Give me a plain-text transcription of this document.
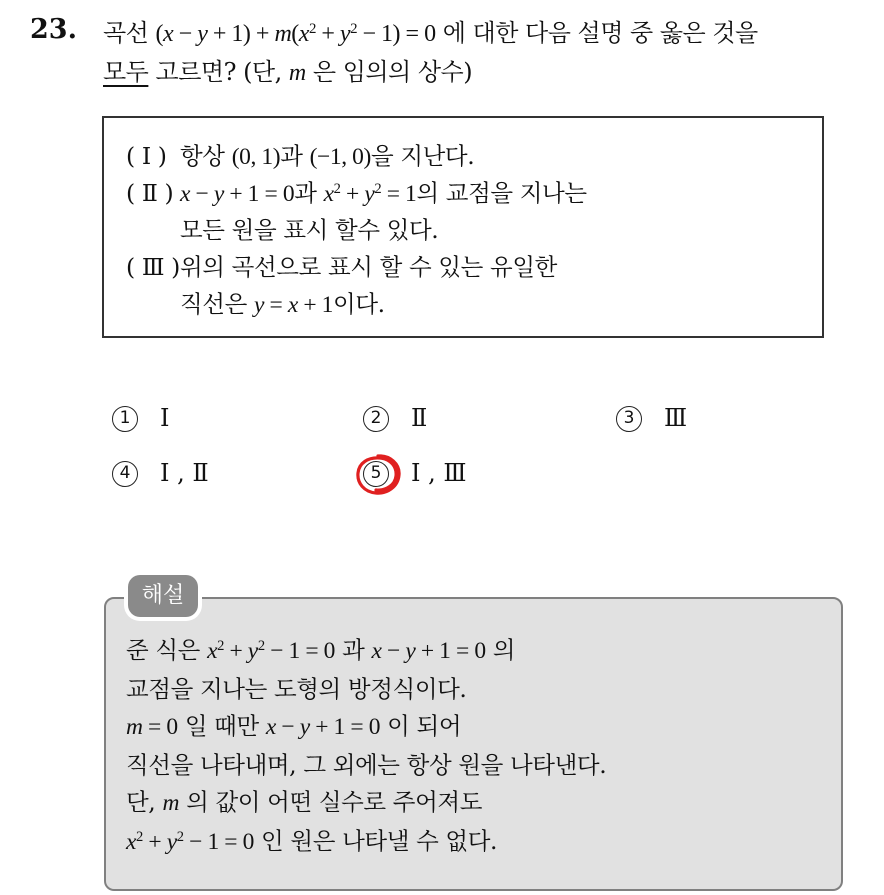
23. 곡선 $(x - y + 1) + m(x^2 + y^2 - 1) = 0$ 에 대한 다음 설명 중 옳은 것을
모두 고르면? (단, m 은 임의의 상수)
( Ⅰ ) 항상 (0, 1)과 (−1, 0)을 지난다.
( Ⅱ ) x − y + 1 = 0과 $x^2 + y^2 = 1$의 교점을 지나는
모든 원을 표시 할수 있다.
( Ⅲ )위의 곡선으로 표시 할 수 있는 유일한
직선은 y = x + 1이다.
1 Ⅰ	2 Ⅱ	3 Ⅲ
4 Ⅰ , Ⅱ	5 Ⅰ , Ⅲ
해설
준 식은 $x^2 + y^2 - 1 = 0$ 과 x − y + 1 = 0 의
교점을 지나는 도형의 방정식이다.
m = 0 일 때만 x − y + 1 = 0 이 되어
직선을 나타내며, 그 외에는 항상 원을 나타낸다.
단, m 의 값이 어떤 실수로 주어져도
$x^2 + y^2 - 1 = 0$ 인 원은 나타낼 수 없다.
